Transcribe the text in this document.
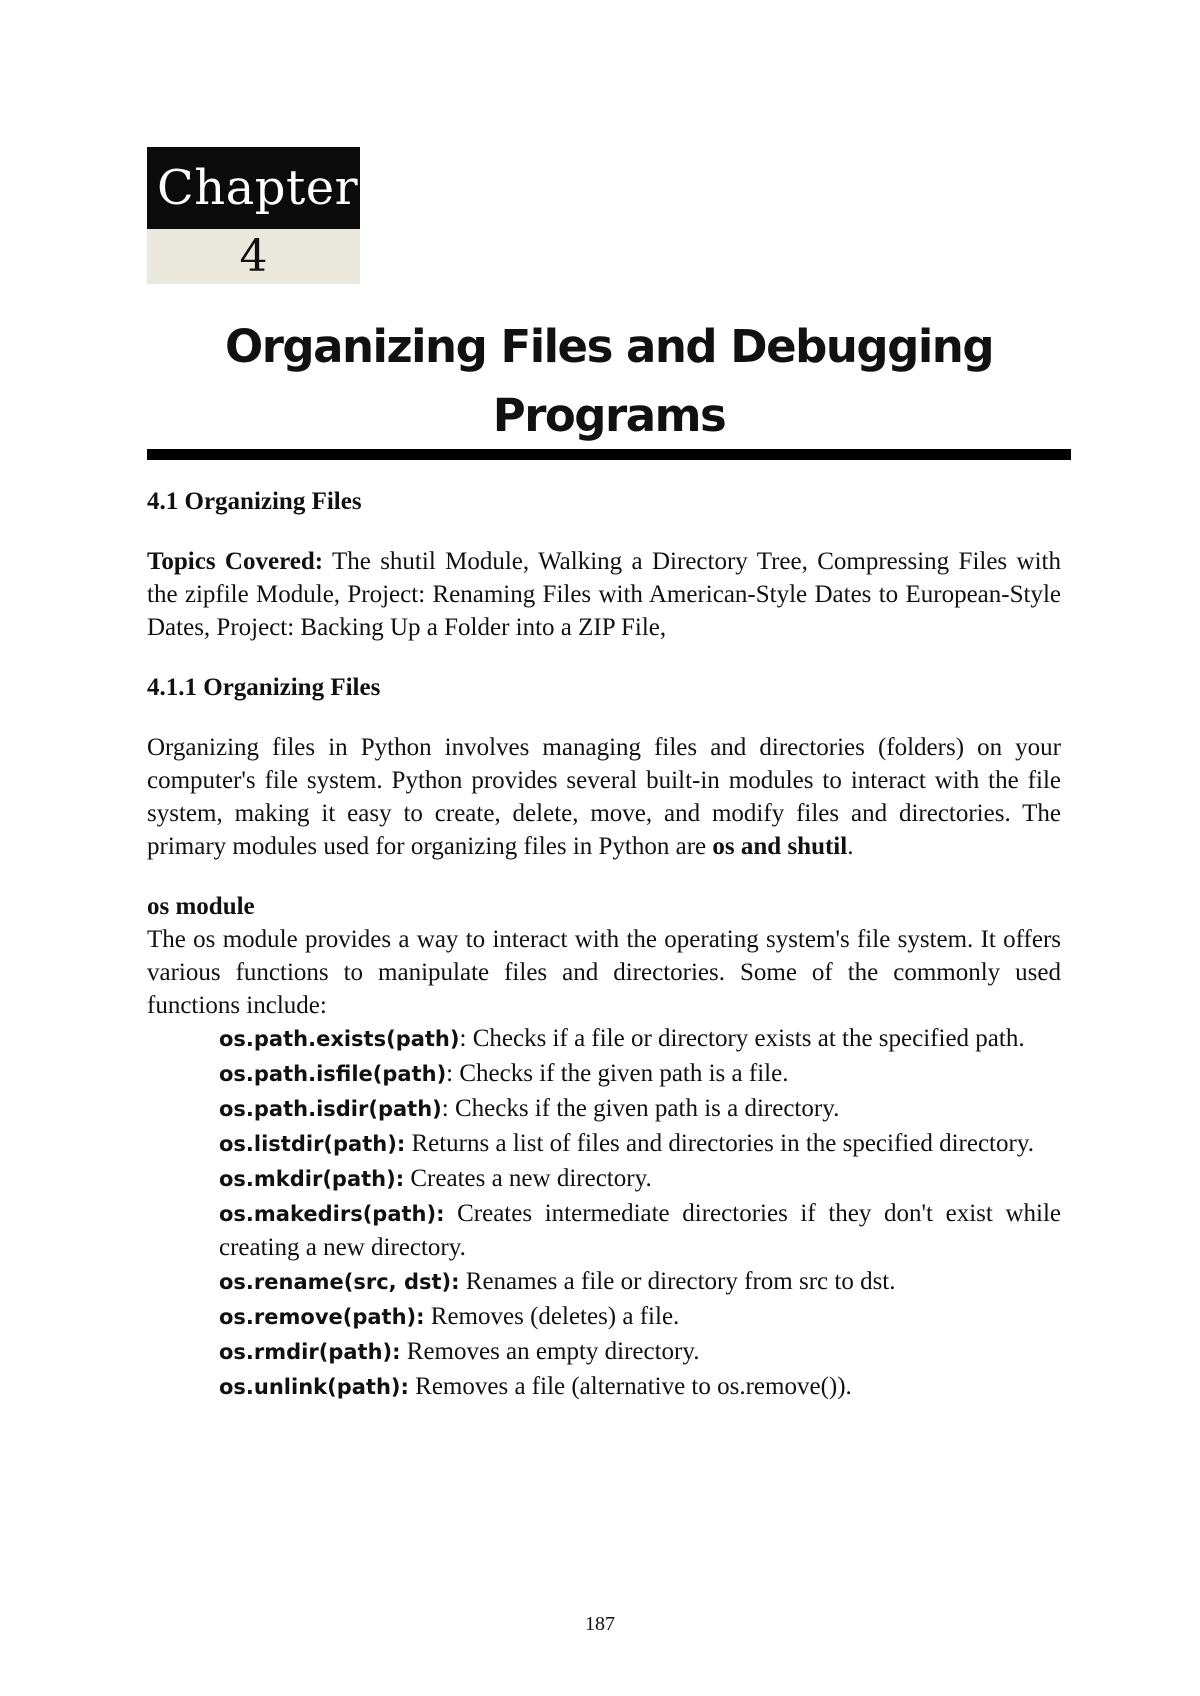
Chapter
4
Organizing Files and Debugging
Programs
4.1 Organizing Files

Topics Covered: The shutil Module, Walking a Directory Tree, Compressing Files with the zipfile Module, Project: Renaming Files with American-Style Dates to European-Style Dates, Project: Backing Up a Folder into a ZIP File,

4.1.1 Organizing Files

Organizing files in Python involves managing files and directories (folders) on your computer's file system. Python provides several built-in modules to interact with the file system, making it easy to create, delete, move, and modify files and directories. The primary modules used for organizing files in Python are os and shutil.

os module

The os module provides a way to interact with the operating system's file system. It offers various functions to manipulate files and directories. Some of the commonly used functions include:

os.path.exists(path): Checks if a file or directory exists at the specified path.
os.path.isfile(path): Checks if the given path is a file.
os.path.isdir(path): Checks if the given path is a directory.
os.listdir(path): Returns a list of files and directories in the specified directory.
os.mkdir(path): Creates a new directory.
os.makedirs(path): Creates intermediate directories if they don't exist while creating a new directory.
os.rename(src, dst): Renames a file or directory from src to dst.
os.remove(path): Removes (deletes) a file.
os.rmdir(path): Removes an empty directory.
os.unlink(path): Removes a file (alternative to os.remove()).
187
